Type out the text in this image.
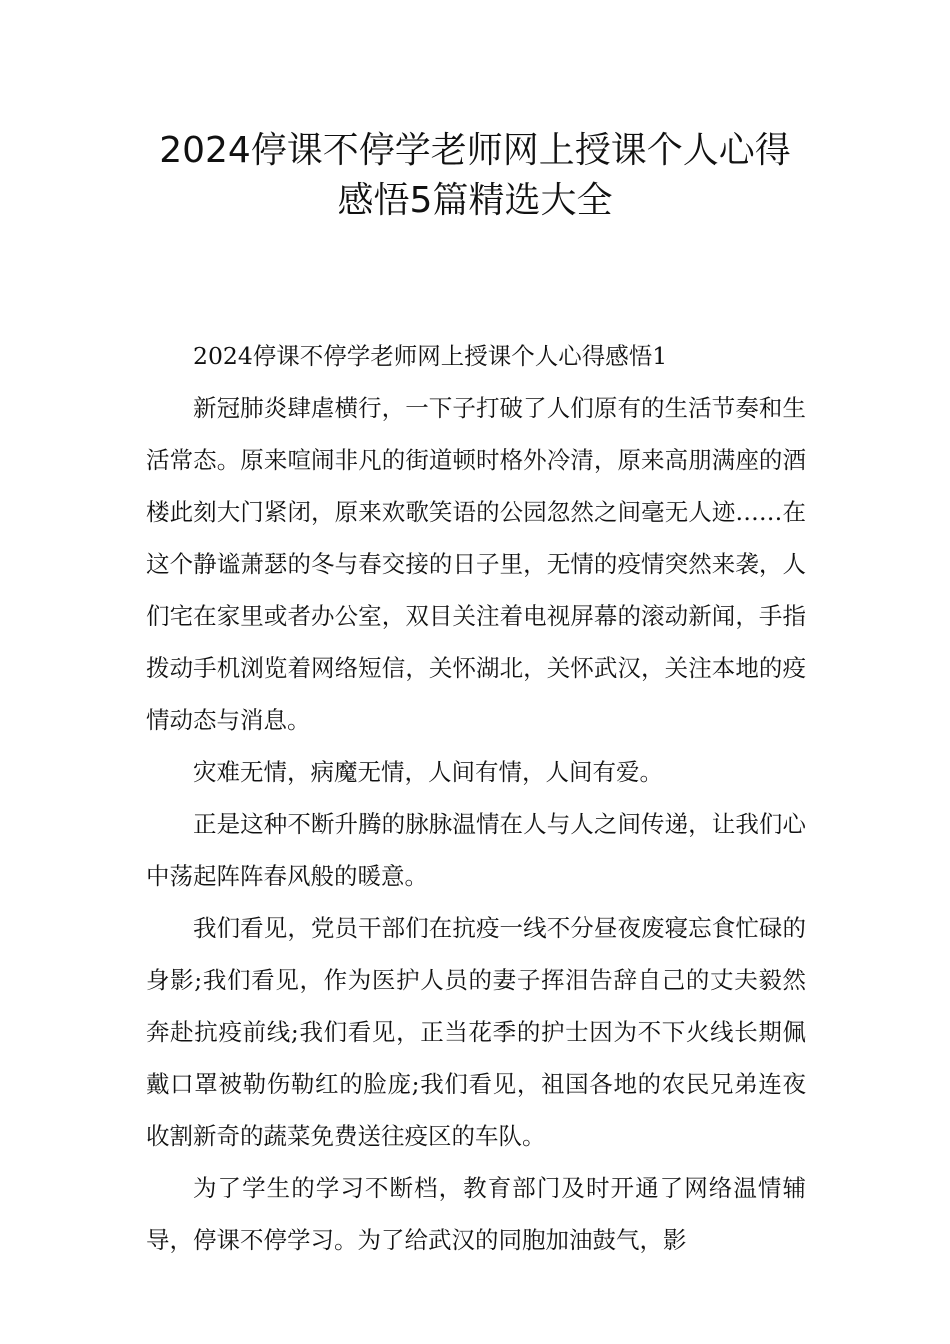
2024停课不停学老师网上授课个人心得
感悟5篇精选大全

2024停课不停学老师网上授课个人心得感悟1

新冠肺炎肆虐横行，一下子打破了人们原有的生活节奏和生活常态。原来喧闹非凡的街道顿时格外冷清，原来高朋满座的酒楼此刻大门紧闭，原来欢歌笑语的公园忽然之间毫无人迹……在这个静谧萧瑟的冬与春交接的日子里，无情的疫情突然来袭，人们宅在家里或者办公室，双目关注着电视屏幕的滚动新闻，手指拨动手机浏览着网络短信，关怀湖北，关怀武汉，关注本地的疫情动态与消息。

灾难无情，病魔无情，人间有情，人间有爱。

正是这种不断升腾的脉脉温情在人与人之间传递，让我们心中荡起阵阵春风般的暖意。

我们看见，党员干部们在抗疫一线不分昼夜废寝忘食忙碌的身影;我们看见，作为医护人员的妻子挥泪告辞自己的丈夫毅然奔赴抗疫前线;我们看见，正当花季的护士因为不下火线长期佩戴口罩被勒伤勒红的脸庞;我们看见，祖国各地的农民兄弟连夜收割新奇的蔬菜免费送往疫区的车队。

为了学生的学习不断档，教育部门及时开通了网络温情辅导，停课不停学习。为了给武汉的同胞加油鼓气，影
